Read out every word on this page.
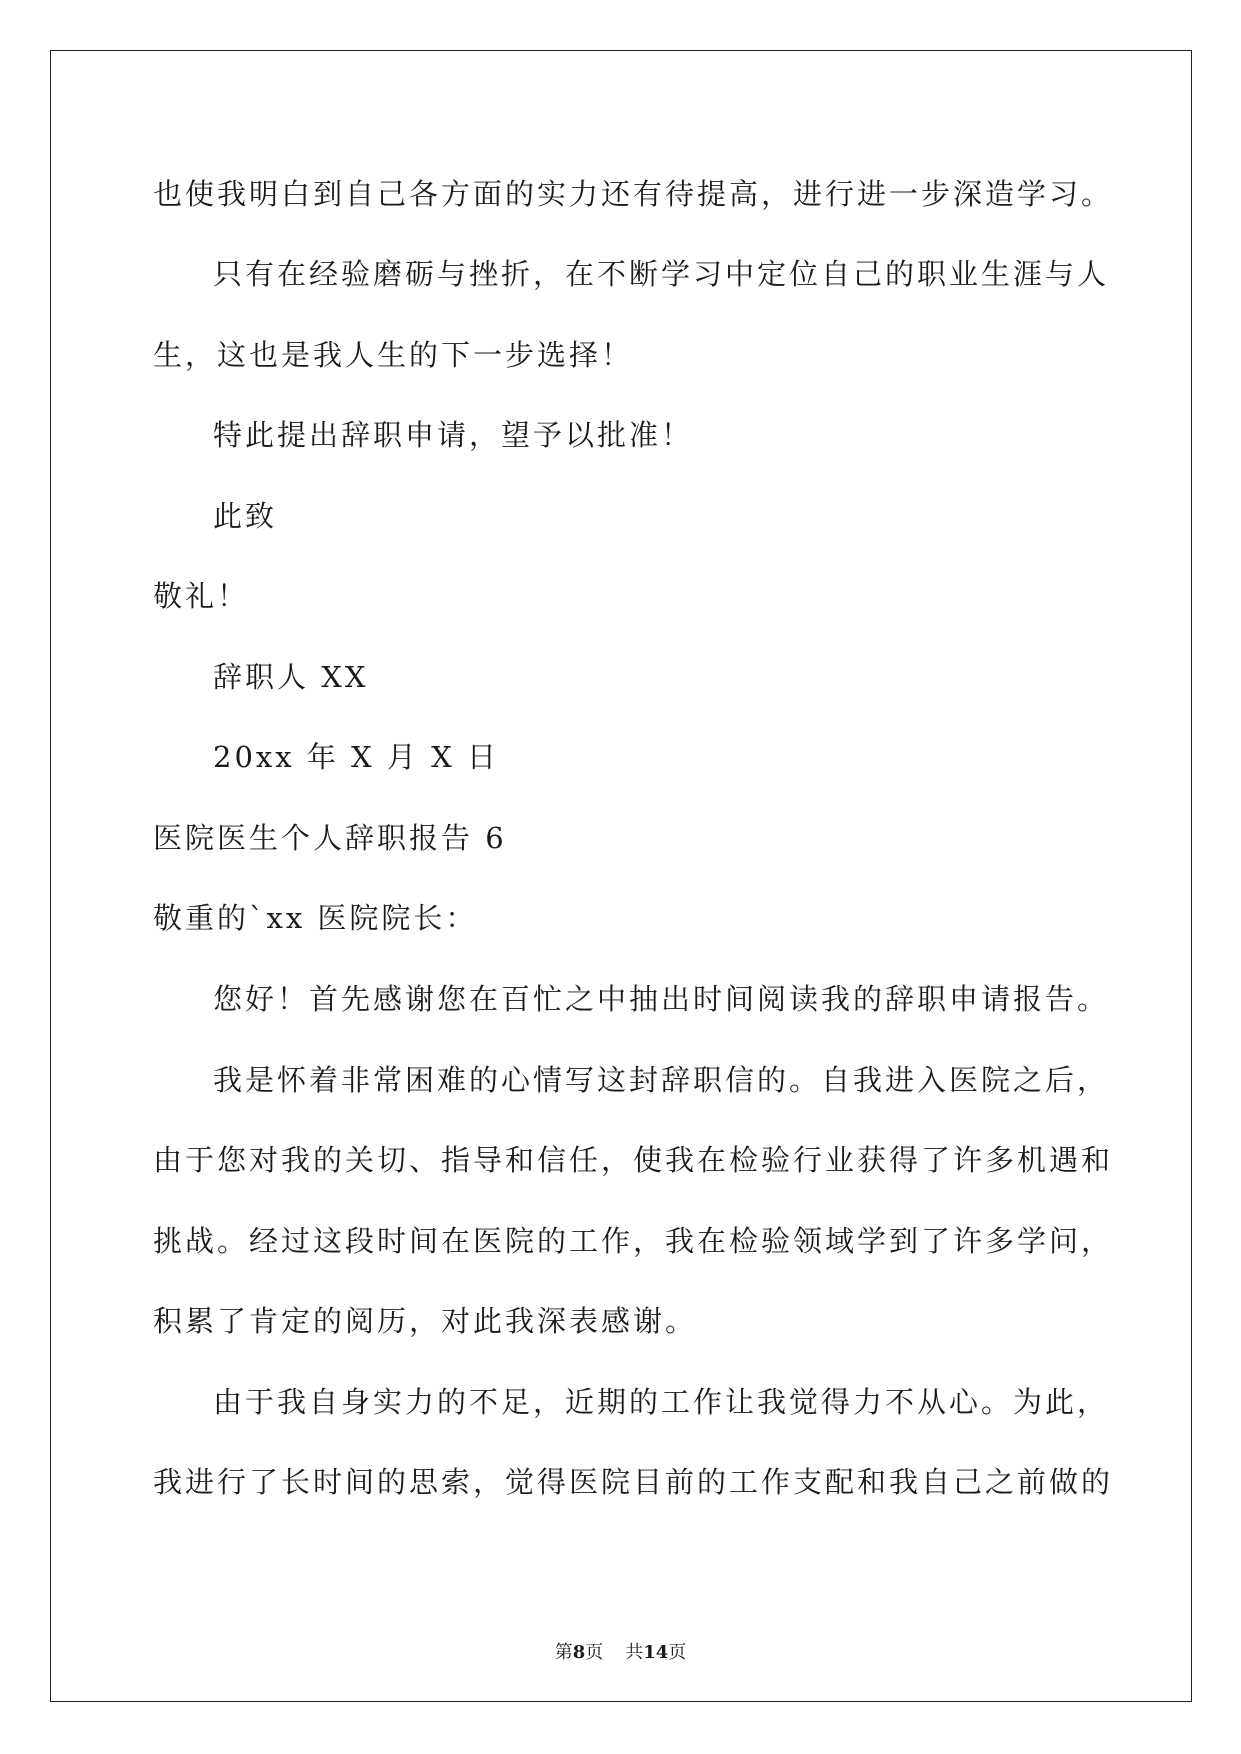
也使我明白到自己各方面的实力还有待提高，进行进一步深造学习。
只有在经验磨砺与挫折，在不断学习中定位自己的职业生涯与人
生，这也是我人生的下一步选择！
特此提出辞职申请，望予以批准！
此致
敬礼！
辞职人 XX
20xx 年 X 月 X 日
医院医生个人辞职报告 6
敬重的`xx 医院院长：
您好！首先感谢您在百忙之中抽出时间阅读我的辞职申请报告。
我是怀着非常困难的心情写这封辞职信的。自我进入医院之后，
由于您对我的关切、指导和信任，使我在检验行业获得了许多机遇和
挑战。经过这段时间在医院的工作，我在检验领域学到了许多学问，
积累了肯定的阅历，对此我深表感谢。
由于我自身实力的不足，近期的工作让我觉得力不从心。为此，
我进行了长时间的思索，觉得医院目前的工作支配和我自己之前做的
第8页 共14页
